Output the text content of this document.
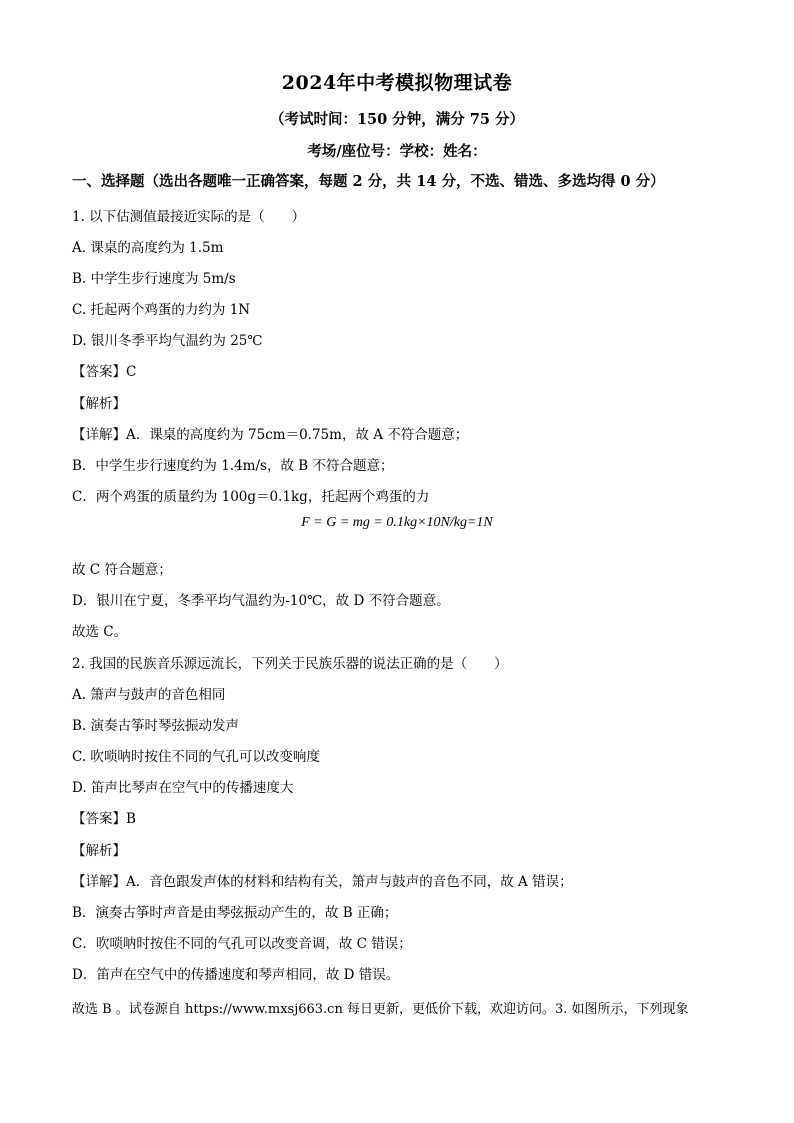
2024年中考模拟物理试卷
（考试时间：150 分钟，满分 75 分）
考场/座位号：学校：姓名：
一、选择题（选出各题唯一正确答案，每题 2 分，共 14 分，不选、错选、多选均得 0 分）
1. 以下估测值最接近实际的是（　　）
A. 课桌的高度约为 1.5m
B. 中学生步行速度为 5m/s
C. 托起两个鸡蛋的力约为 1N
D. 银川冬季平均气温约为 25℃
【答案】C
【解析】
【详解】A．课桌的高度约为 75cm＝0.75m，故 A 不符合题意；
B．中学生步行速度约为 1.4m/s，故 B 不符合题意；
C．两个鸡蛋的质量约为 100g＝0.1kg，托起两个鸡蛋的力
F = G = mg = 0.1kg×10N/kg=1N
故 C 符合题意；
D．银川在宁夏，冬季平均气温约为-10℃，故 D 不符合题意。
故选 C。
2. 我国的民族音乐源远流长，下列关于民族乐器的说法正确的是（　　）
A. 箫声与鼓声的音色相同
B. 演奏古筝时琴弦振动发声
C. 吹唢呐时按住不同的气孔可以改变响度
D. 笛声比琴声在空气中的传播速度大
【答案】B
【解析】
【详解】A．音色跟发声体的材料和结构有关，箫声与鼓声的音色不同，故 A 错误；
B．演奏古筝时声音是由琴弦振动产生的，故 B 正确；
C．吹唢呐时按住不同的气孔可以改变音调，故 C 错误；
D．笛声在空气中的传播速度和琴声相同，故 D 错误。
故选 B 。试卷源自 https://www.mxsj663.cn 每日更新，更低价下载，欢迎访问。3. 如图所示，下列现象
